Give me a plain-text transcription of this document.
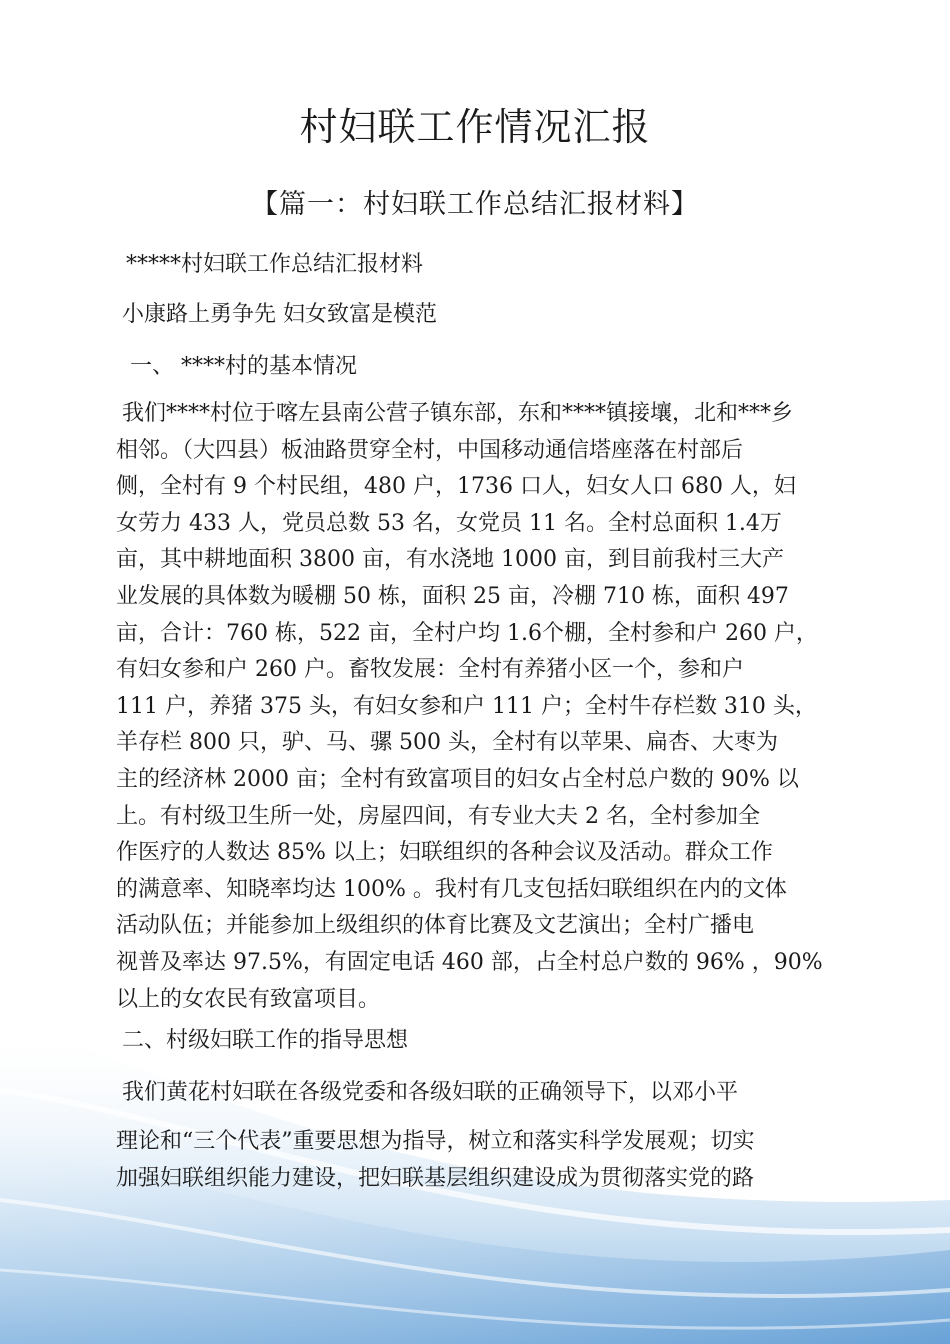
村妇联工作情况汇报
【篇一：村妇联工作总结汇报材料】
*****村妇联工作总结汇报材料
小康路上勇争先 妇女致富是模范
一、 ****村的基本情况
我们****村位于喀左县南公营子镇东部，东和****镇接壤，北和***乡
相邻。（大四县）板油路贯穿全村，中国移动通信塔座落在村部后
侧，全村有 9 个村民组，480 户，1736 口人，妇女人口 680 人，妇
女劳力 433 人，党员总数 53 名，女党员 11 名。全村总面积 1.4万
亩，其中耕地面积 3800 亩，有水浇地 1000 亩，到目前我村三大产
业发展的具体数为暖棚 50 栋，面积 25 亩，冷棚 710 栋，面积 497
亩，合计：760 栋，522 亩，全村户均 1.6个棚，全村参和户 260 户，
有妇女参和户 260 户。畜牧发展：全村有养猪小区一个，参和户
111 户，养猪 375 头，有妇女参和户 111 户；全村牛存栏数 310 头，
羊存栏 800 只，驴、马、骡 500 头，全村有以苹果、扁杏、大枣为
主的经济林 2000 亩；全村有致富项目的妇女占全村总户数的 90% 以
上。有村级卫生所一处，房屋四间，有专业大夫 2 名，全村参加全
作医疗的人数达 85% 以上；妇联组织的各种会议及活动。群众工作
的满意率、知晓率均达 100% 。我村有几支包括妇联组织在内的文体
活动队伍；并能参加上级组织的体育比赛及文艺演出；全村广播电
视普及率达 97.5%，有固定电话 460 部，占全村总户数的 96% ，90%
以上的女农民有致富项目。
二、村级妇联工作的指导思想
我们黄花村妇联在各级党委和各级妇联的正确领导下，以邓小平
理论和“三个代表”重要思想为指导，树立和落实科学发展观；切实
加强妇联组织能力建设，把妇联基层组织建设成为贯彻落实党的路
